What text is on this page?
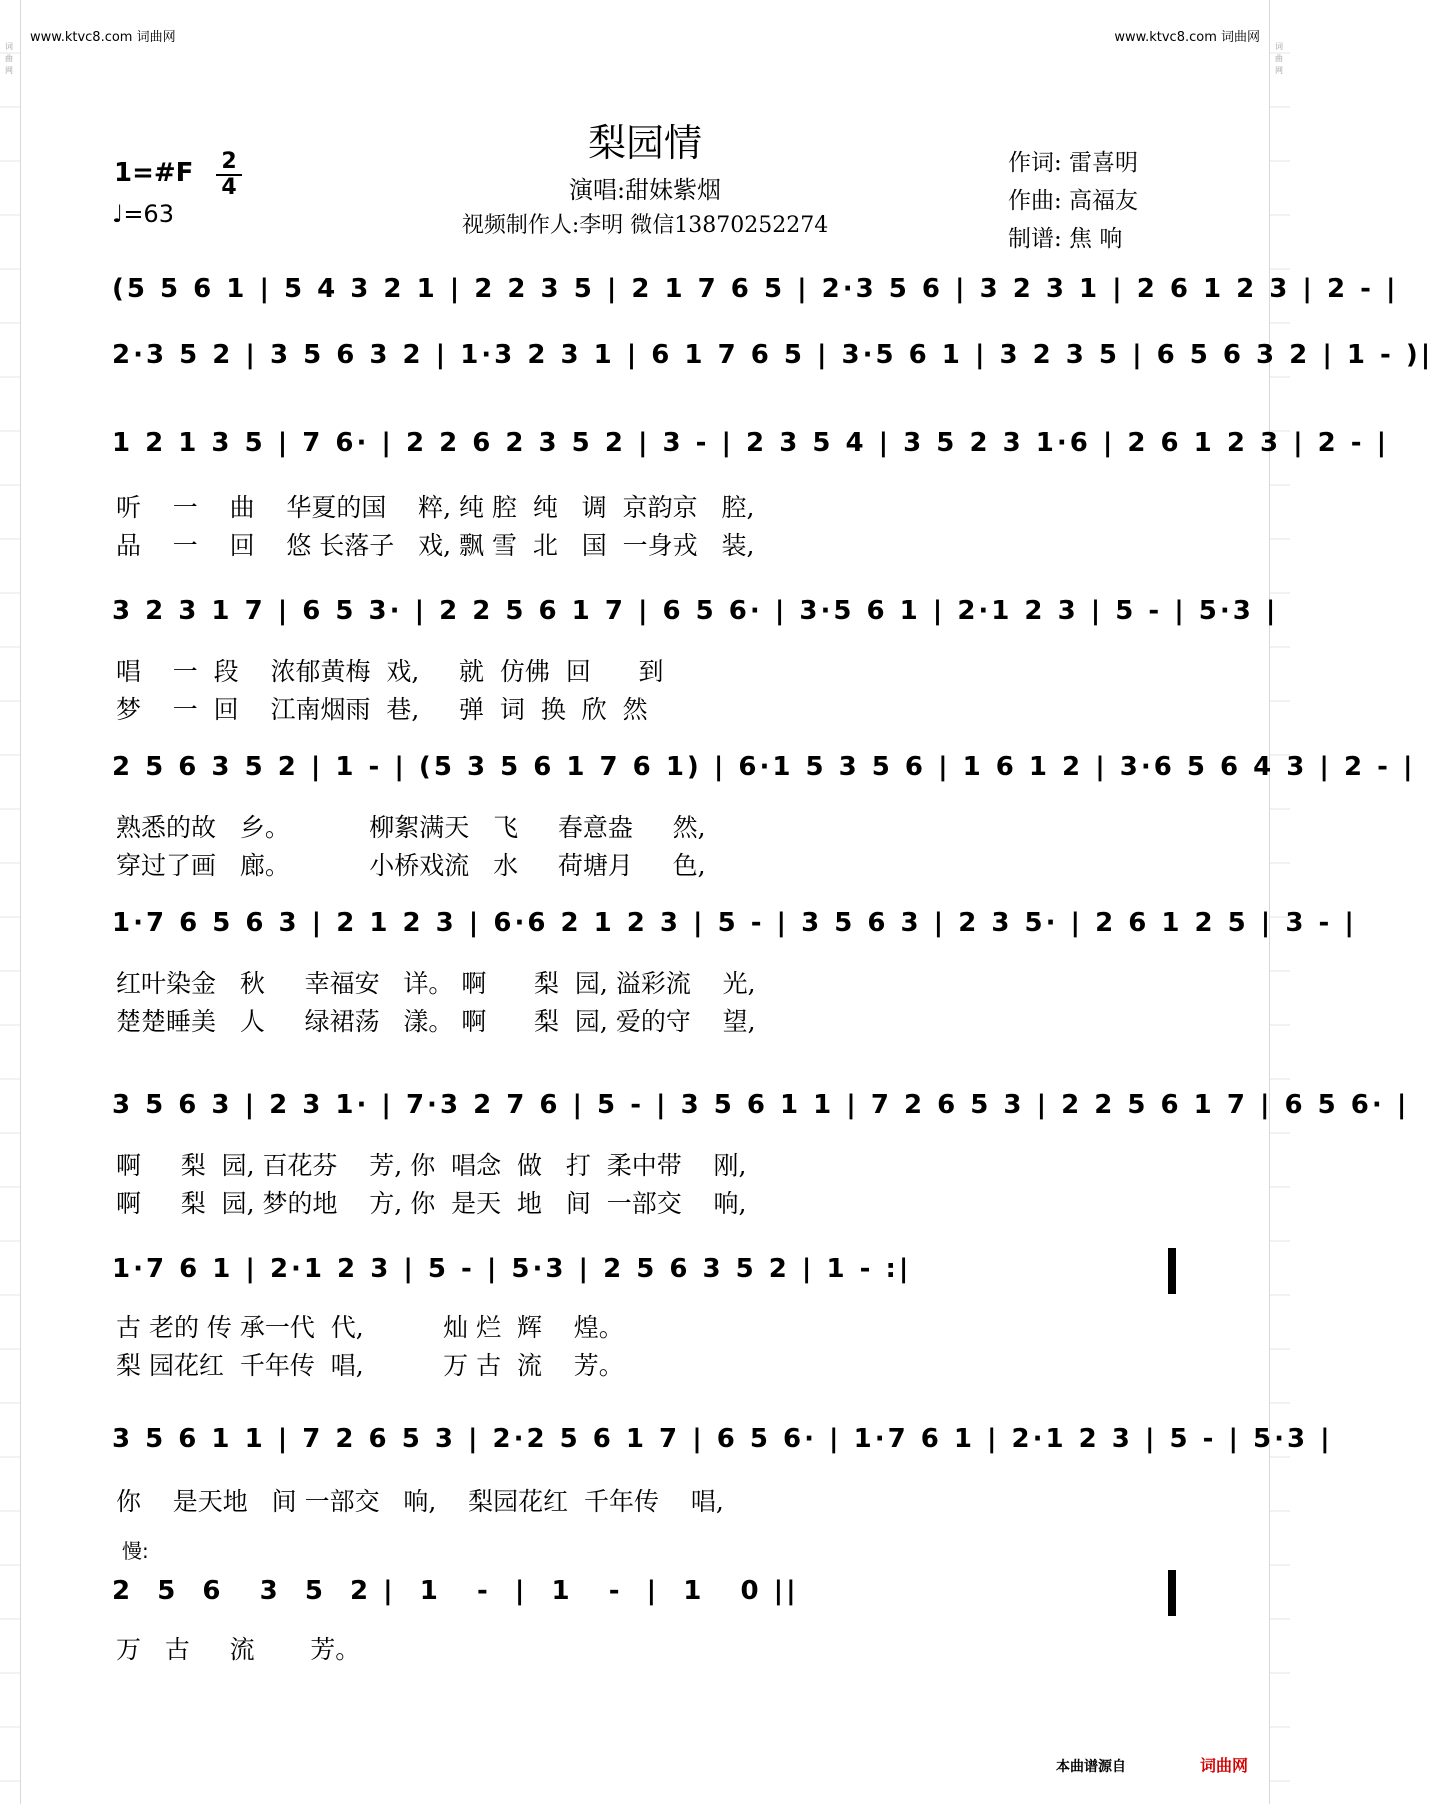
词
曲
网
词
曲
网
www.ktvc8.com 词曲网	www.ktvc8.com 词曲网
梨园情
1=#F 2
4
♩=63
演唱:甜妹紫烟
视频制作人:李明 微信13870252274
作词: 雷喜明
作曲: 高福友
制谱: 焦 响
(5 5 6 1 | 5 4 3 2 1 | 2 2 3 5 | 2 1 7 6 5 | 2·3 5 6 | 3 2 3 1 | 2 6 1 2 3 | 2 - |
2·3 5 2 | 3 5 6 3 2 | 1·3 2 3 1 | 6 1 7 6 5 | 3·5 6 1 | 3 2 3 5 | 6 5 6 3 2 | 1 - )|
1 2 1 3 5 | 7 6· | 2 2 6 2 3 5 2 | 3 - | 2 3 5 4 | 3 5 2 3 1·6 | 2 6 1 2 3 | 2 - |
听    一    曲    华夏的国    粹, 纯 腔  纯   调  京韵京   腔,
品    一    回    悠 长落子   戏, 飘 雪  北   国  一身戎   装,
3 2 3 1 7 | 6 5 3· | 2 2 5 6 1 7 | 6 5 6· | 3·5 6 1 | 2·1 2 3 | 5 - | 5·3 |
唱    一  段    浓郁黄梅  戏,     就  仿佛  回      到
梦    一  回    江南烟雨  巷,     弹  词  换  欣  然
2 5 6 3 5 2 | 1 - | (5 3 5 6 1 7 6 1) | 6·1 5 3 5 6 | 1 6 1 2 | 3·6 5 6 4 3 | 2 - |
熟悉的故   乡。          柳絮满天   飞     春意盎     然,
穿过了画   廊。          小桥戏流   水     荷塘月     色,
1·7 6 5 6 3 | 2 1 2 3 | 6·6 2 1 2 3 | 5 - | 3 5 6 3 | 2 3 5· | 2 6 1 2 5 | 3 - |
红叶染金   秋     幸福安   详。 啊      梨  园, 溢彩流    光,
楚楚睡美   人     绿裙荡   漾。 啊      梨  园, 爱的守    望,
3 5 6 3 | 2 3 1· | 7·3 2 7 6 | 5 - | 3 5 6 1 1 | 7 2 6 5 3 | 2 2 5 6 1 7 | 6 5 6· |
啊     梨  园, 百花芬    芳, 你  唱念  做   打  柔中带    刚,
啊     梨  园, 梦的地    方, 你  是天  地   间  一部交    响,
1·7 6 1 | 2·1 2 3 | 5 - | 5·3 | 2 5 6 3 5 2 | 1 - :|
古 老的 传 承一代  代,          灿 烂  辉    煌。
梨 园花红  千年传  唱,          万 古  流    芳。
3 5 6 1 1 | 7 2 6 5 3 | 2·2 5 6 1 7 | 6 5 6· | 1·7 6 1 | 2·1 2 3 | 5 - | 5·3 |
你    是天地   间 一部交   响,    梨园花红  千年传    唱,
慢:
2  5  6   3  5  2 |  1   -  |  1   -  |  1   0 ||
万   古     流       芳。
本曲谱源自	词曲网
